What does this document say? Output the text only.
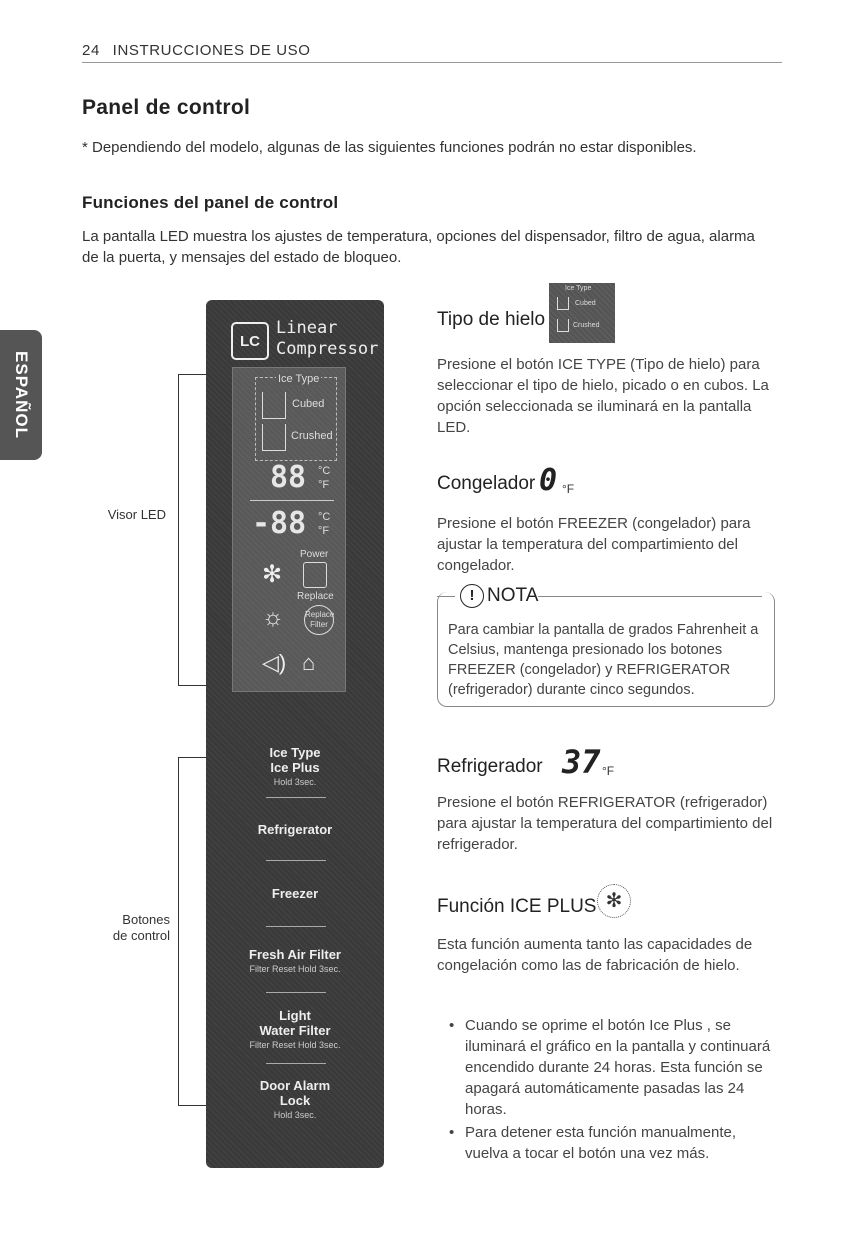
24 INSTRUCCIONES DE USO
Panel de control
* Dependiendo del modelo, algunas de las siguientes funciones podrán no estar disponibles.
Funciones del panel de control
La pantalla LED muestra los ajustes de temperatura, opciones del dispensador, filtro de agua, alarma de la puerta, y mensajes del estado de bloqueo.
ESPAÑOL
Visor LED
Botones
de control
LC
Linear
Compressor
Ice Type
Cubed
Crushed
88 °C
°F
-88 °C
°F
Power
✻
Replace
☼	Replace Filter
◁) ⌂
Ice Type
Ice Plus
Hold 3sec.
Refrigerator
Freezer
Fresh Air Filter
Filter Reset Hold 3sec.
Light
Water Filter
Filter Reset Hold 3sec.
Door Alarm
Lock
Hold 3sec.
Tipo de hielo
Ice Type
Cubed
Crushed
Presione el botón ICE TYPE (Tipo de hielo) para seleccionar el tipo de hielo, picado o en cubos. La opción seleccionada se iluminará en la pantalla LED.
Congelador 0 °F
Presione el botón FREEZER (congelador) para ajustar la temperatura del compartimiento del congelador.
! NOTA
Para cambiar la pantalla de grados Fahrenheit a Celsius, mantenga presionado los botones FREEZER (congelador) y REFRIGERATOR (refrigerador) durante cinco segundos.
Refrigerador 37 °F
Presione el botón REFRIGERATOR (refrigerador) para ajustar la temperatura del compartimiento del refrigerador.
Función ICE PLUS ✻
Esta función aumenta tanto las capacidades de congelación como las de fabricación de hielo.
• Cuando se oprime el botón Ice Plus , se iluminará el gráfico en la pantalla y continuará encendido durante 24 horas. Esta función se apagará automáticamente pasadas las 24 horas.
• Para detener esta función manualmente, vuelva a tocar el botón una vez más.
